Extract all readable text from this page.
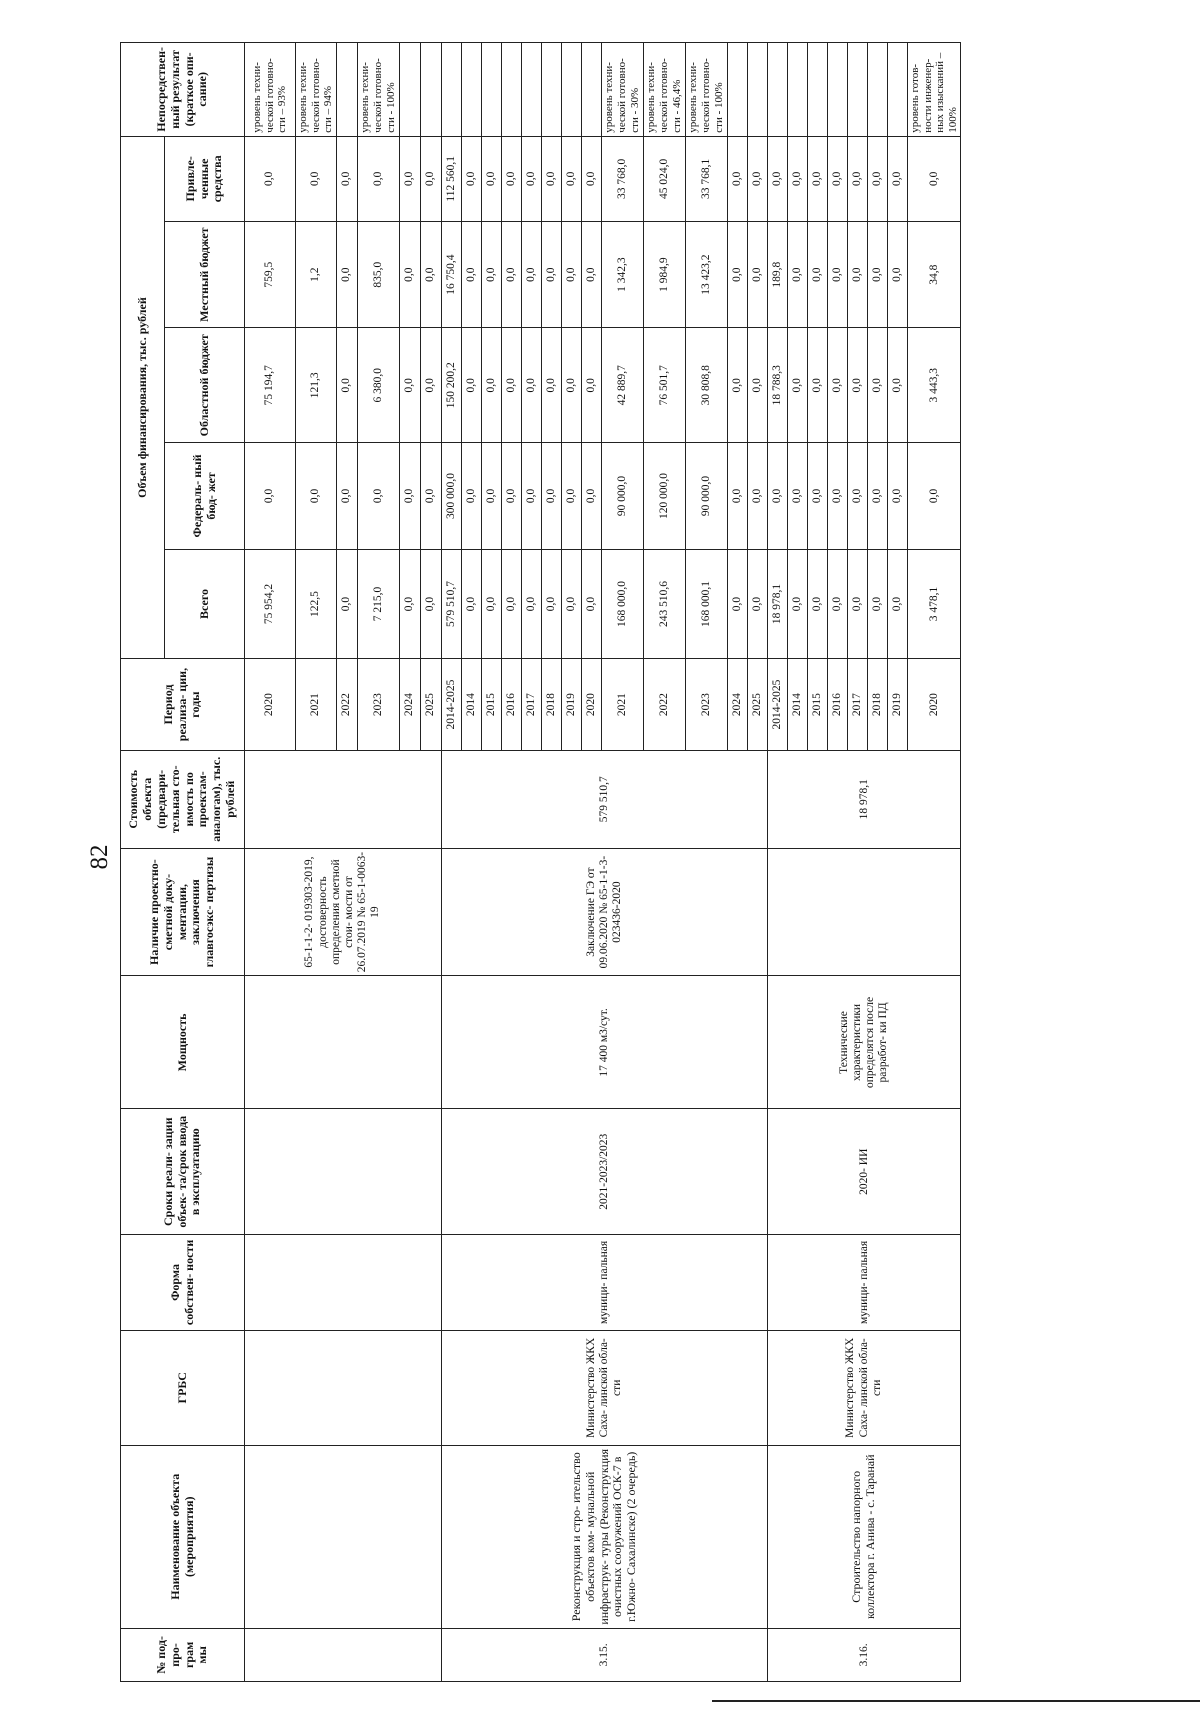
82
№ под- про- грам мы	Наименование объекта (мероприятия)	ГРБС	Форма собствен- ности	Сроки реали- зации объек- та/срок ввода в эксплуатацию	Мощность	Наличие проектно- сметной доку- ментации, заключения главгосэкс- пертизы	Стоимость объекта (предвари- тельная сто- имость по проектам- аналогам), тыс. рублей	Период реализа- ции, годы	Объем финансирования, тыс. рублей					Непосредствен- ный результат (краткое опи- сание)
									Всего	Федераль- ный бюд- жет	Областной бюджет	Местный бюджет	Привле- ченные средства	
						65-1-1-2- 019303-2019, достоверность определения сметной стои- мости от 26.07.2019 № 65-1-0063-19		2020	75 954,2	0,0	75 194,7	759,5	0,0	уровень техни- ческой готовно- сти – 93%
								2021	122,5	0,0	121,3	1,2	0,0	уровень техни- ческой готовно- сти – 94%
								2022	0,0	0,0	0,0	0,0	0,0	
								2023	7 215,0	0,0	6 380,0	835,0	0,0	уровень техни- ческой готовно- сти - 100%
								2024	0,0	0,0	0,0	0,0	0,0	
								2025	0,0	0,0	0,0	0,0	0,0	
3.15.	Реконструкция и стро- ительство объектов ком- мунальной инфраструк- туры (Реконструкция очистных сооружений ОСК-7 в г.Южно- Сахалинске) (2 очередь)	Министерство ЖКХ Саха- линской обла- сти	муници- пальная	2021-2023/2023	17 400 м3/сут.	Заключение ГЭ от 09.06.2020 № 65-1-1-3- 023436-2020	579 510,7	2014-2025	579 510,7	300 000,0	150 200,2	16 750,4	112 560,1	
								2014	0,0	0,0	0,0	0,0	0,0	
								2015	0,0	0,0	0,0	0,0	0,0	
								2016	0,0	0,0	0,0	0,0	0,0	
								2017	0,0	0,0	0,0	0,0	0,0	
								2018	0,0	0,0	0,0	0,0	0,0	
								2019	0,0	0,0	0,0	0,0	0,0	
								2020	0,0	0,0	0,0	0,0	0,0	
								2021	168 000,0	90 000,0	42 889,7	1 342,3	33 768,0	уровень техни- ческой готовно- сти - 30%
								2022	243 510,6	120 000,0	76 501,7	1 984,9	45 024,0	уровень техни- ческой готовно- сти - 46,4%
								2023	168 000,1	90 000,0	30 808,8	13 423,2	33 768,1	уровень техни- ческой готовно- сти - 100%
								2024	0,0	0,0	0,0	0,0	0,0	
								2025	0,0	0,0	0,0	0,0	0,0	
3.16.	Строительство напорного коллектора г. Анива - с. Таранай	Министерство ЖКХ Саха- линской обла- сти	муници- пальная	2020- ИИ	Технические характеристики определятся после разработ- ки ПД		18 978,1	2014-2025	18 978,1	0,0	18 788,3	189,8	0,0	
								2014	0,0	0,0	0,0	0,0	0,0	
								2015	0,0	0,0	0,0	0,0	0,0	
								2016	0,0	0,0	0,0	0,0	0,0	
								2017	0,0	0,0	0,0	0,0	0,0	
								2018	0,0	0,0	0,0	0,0	0,0	
								2019	0,0	0,0	0,0	0,0	0,0	
								2020	3 478,1	0,0	3 443,3	34,8	0,0	уровень готов- ности инженер- ных изысканий – 100%
